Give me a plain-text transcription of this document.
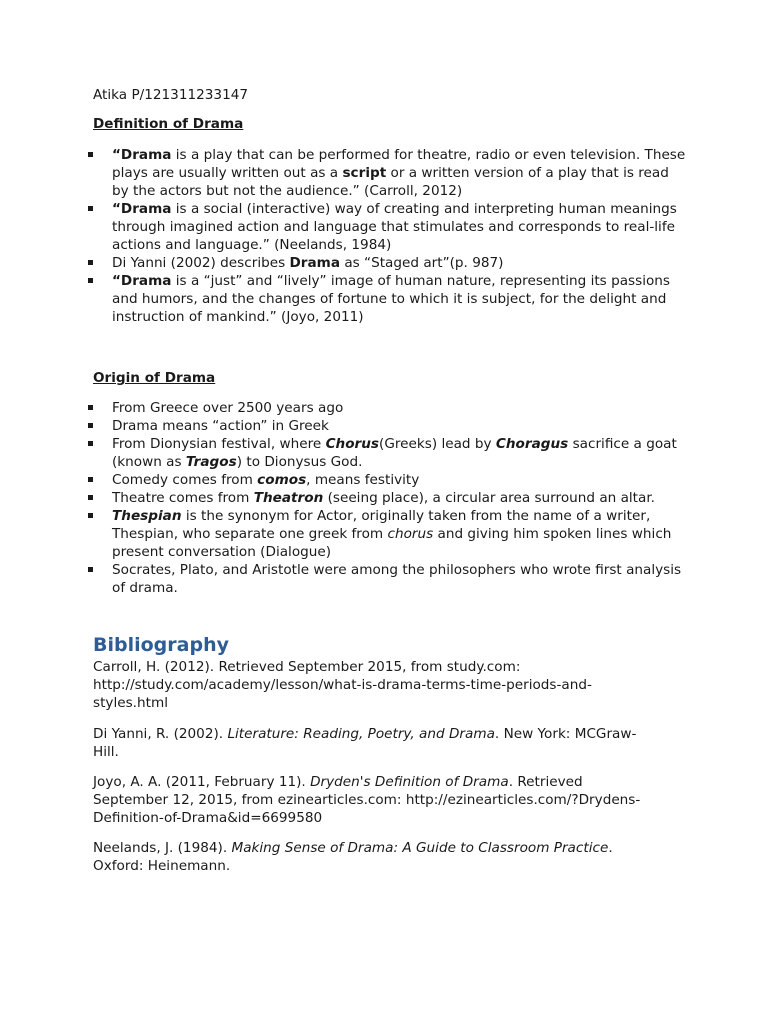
Atika P/121311233147
Definition of Drama
“Drama is a play that can be performed for theatre, radio or even television. These plays are usually written out as a script or a written version of a play that is read by the actors but not the audience.” (Carroll, 2012)
“Drama is a social (interactive) way of creating and interpreting human meanings through imagined action and language that stimulates and corresponds to real-life actions and language.” (Neelands, 1984)
Di Yanni (2002) describes Drama as “Staged art”(p. 987)
“Drama is a “just” and “lively” image of human nature, representing its passions and humors, and the changes of fortune to which it is subject, for the delight and instruction of mankind.” (Joyo, 2011)
Origin of Drama
From Greece over 2500 years ago
Drama means “action” in Greek
From Dionysian festival, where Chorus(Greeks) lead by Choragus sacrifice a goat (known as Tragos) to Dionysus God.
Comedy comes from comos, means festivity
Theatre comes from Theatron (seeing place), a circular area surround an altar.
Thespian is the synonym for Actor, originally taken from the name of a writer, Thespian, who separate one greek from chorus and giving him spoken lines which present conversation (Dialogue)
Socrates, Plato, and Aristotle were among the philosophers who wrote first analysis of drama.
Bibliography
Carroll, H. (2012). Retrieved September 2015, from study.com: http://study.com/academy/lesson/what-is-drama-terms-time-periods-and-styles.html
Di Yanni, R. (2002). Literature: Reading, Poetry, and Drama. New York: MCGraw-Hill.
Joyo, A. A. (2011, February 11). Dryden's Definition of Drama. Retrieved September 12, 2015, from ezinearticles.com: http://ezinearticles.com/?Drydens-Definition-of-Drama&id=6699580
Neelands, J. (1984). Making Sense of Drama: A Guide to Classroom Practice. Oxford: Heinemann.
